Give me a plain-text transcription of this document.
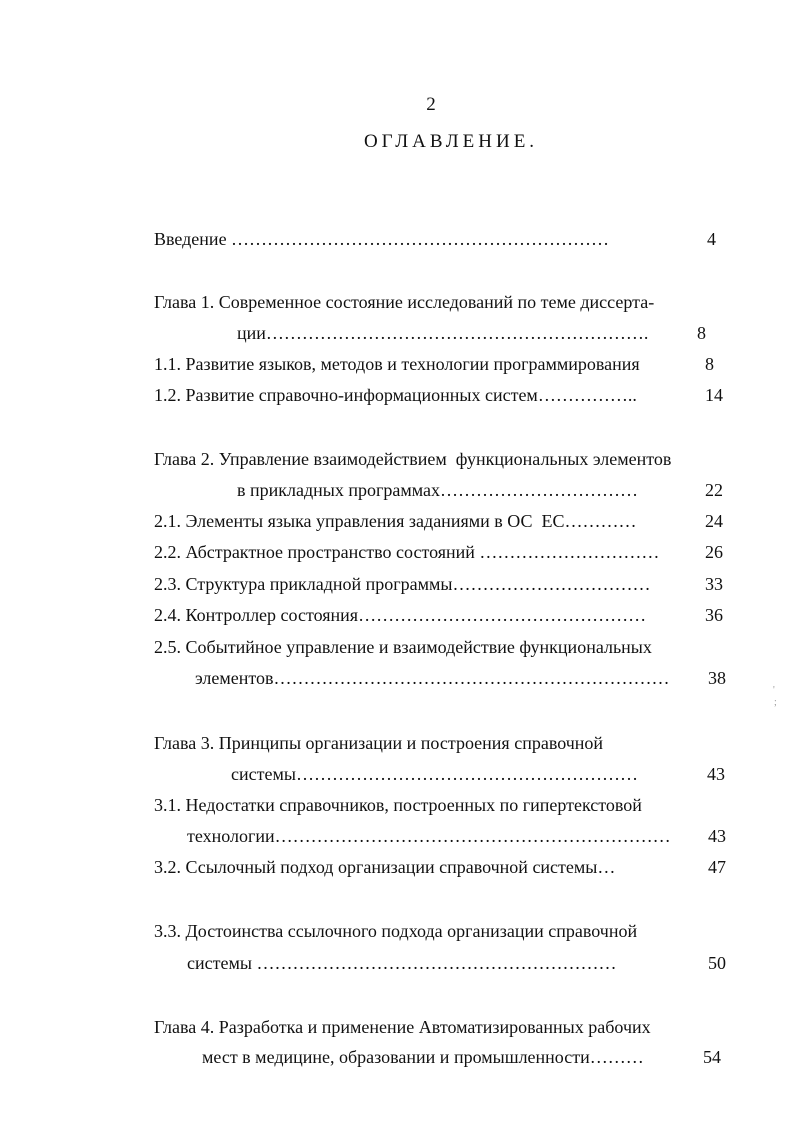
2
ОГЛАВЛЕНИЕ.
Введение ………………………………………………………	4
Глава 1. Современное состояние исследований по теме диссерта-
ции……………………………………………………….	8
1.1. Развитие языков, методов и технологии программирования	8
1.2. Развитие справочно-информационных систем……………..	14
Глава 2. Управление взаимодействием  функциональных элементов
в прикладных программах……………………………	22
2.1. Элементы языка управления заданиями в ОС  ЕС…………	24
2.2. Абстрактное пространство состояний …………………………	26
2.3. Структура прикладной программы……………………………	33
2.4. Контроллер состояния…………………………………………	36
2.5. Событийное управление и взаимодействие функциональных
элементов………………………………………………………… 38
Глава 3. Принципы организации и построения справочной
системы…………………………………………………	43
3.1. Недостатки справочников, построенных по гипертекстовой
технологии………………………………………………………… 43
3.2. Ссылочный подход организации справочной системы…	47
3.3. Достоинства ссылочного подхода организации справочной
системы ……………………………………………………	50
Глава 4. Разработка и применение Автоматизированных рабочих
мест в медицине, образовании и промышленности………	54
'
;
